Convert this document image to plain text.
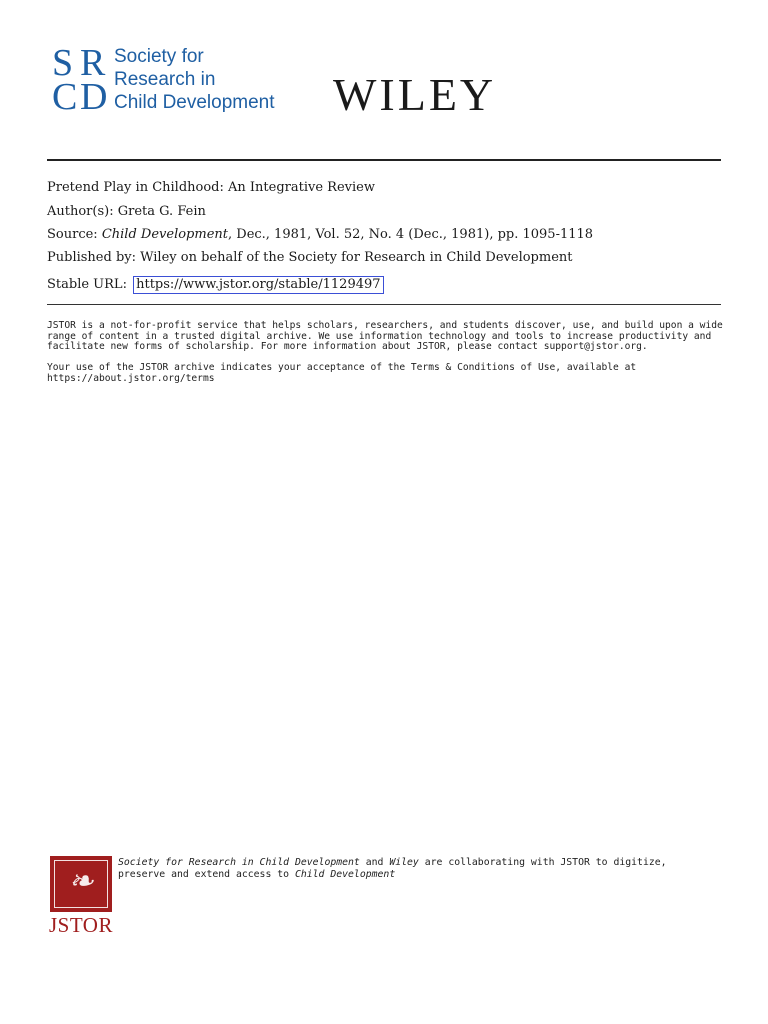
S R
C D
Society for
Research in
Child Development WILEY
Pretend Play in Childhood: An Integrative Review
Author(s): Greta G. Fein
Source: Child Development, Dec., 1981, Vol. 52, No. 4 (Dec., 1981), pp. 1095-1118
Published by: Wiley on behalf of the Society for Research in Child Development
Stable URL: https://www.jstor.org/stable/1129497
JSTOR is a not-for-profit service that helps scholars, researchers, and students discover, use, and build upon a wide
range of content in a trusted digital archive. We use information technology and tools to increase productivity and
facilitate new forms of scholarship. For more information about JSTOR, please contact support@jstor.org.
Your use of the JSTOR archive indicates your acceptance of the Terms & Conditions of Use, available at
https://about.jstor.org/terms
❧
JSTOR
Society for Research in Child Development and Wiley are collaborating with JSTOR to digitize,
preserve and extend access to Child Development
